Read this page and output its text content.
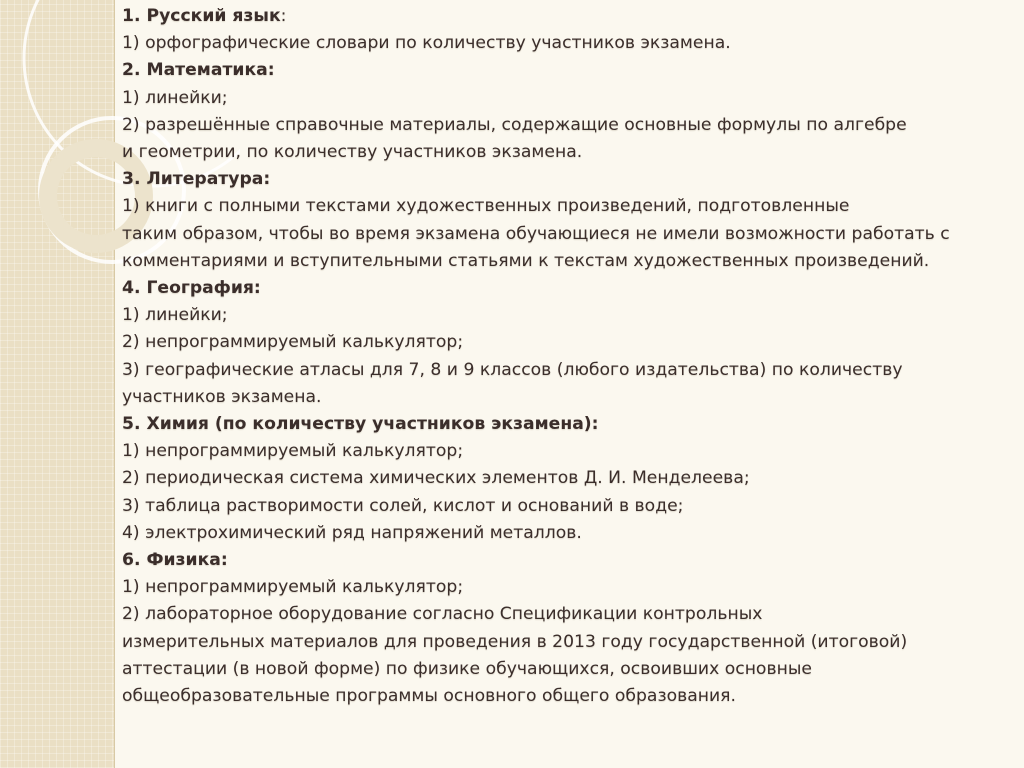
1. Русский язык:
1) орфографические словари по количеству участников экзамена.
2. Математика:
1) линейки;
2) разрешённые справочные материалы, содержащие основные формулы по алгебре
и геометрии, по количеству участников экзамена.
3. Литература:
1) книги с полными текстами художественных произведений, подготовленные
таким образом, чтобы во время экзамена обучающиеся не имели возможности работать с
комментариями и вступительными статьями к текстам художественных произведений.
4. География:
1) линейки;
2) непрограммируемый калькулятор;
3) географические атласы для 7, 8 и 9 классов (любого издательства) по количеству
участников экзамена.
5. Химия (по количеству участников экзамена):
1) непрограммируемый калькулятор;
2) периодическая система химических элементов Д. И. Менделеева;
3) таблица растворимости солей, кислот и оснований в воде;
4) электрохимический ряд напряжений металлов.
6. Физика:
1) непрограммируемый калькулятор;
2) лабораторное оборудование согласно Спецификации контрольных
измерительных материалов для проведения в 2013 году государственной (итоговой)
аттестации (в новой форме) по физике обучающихся, освоивших основные
общеобразовательные программы основного общего образования.
